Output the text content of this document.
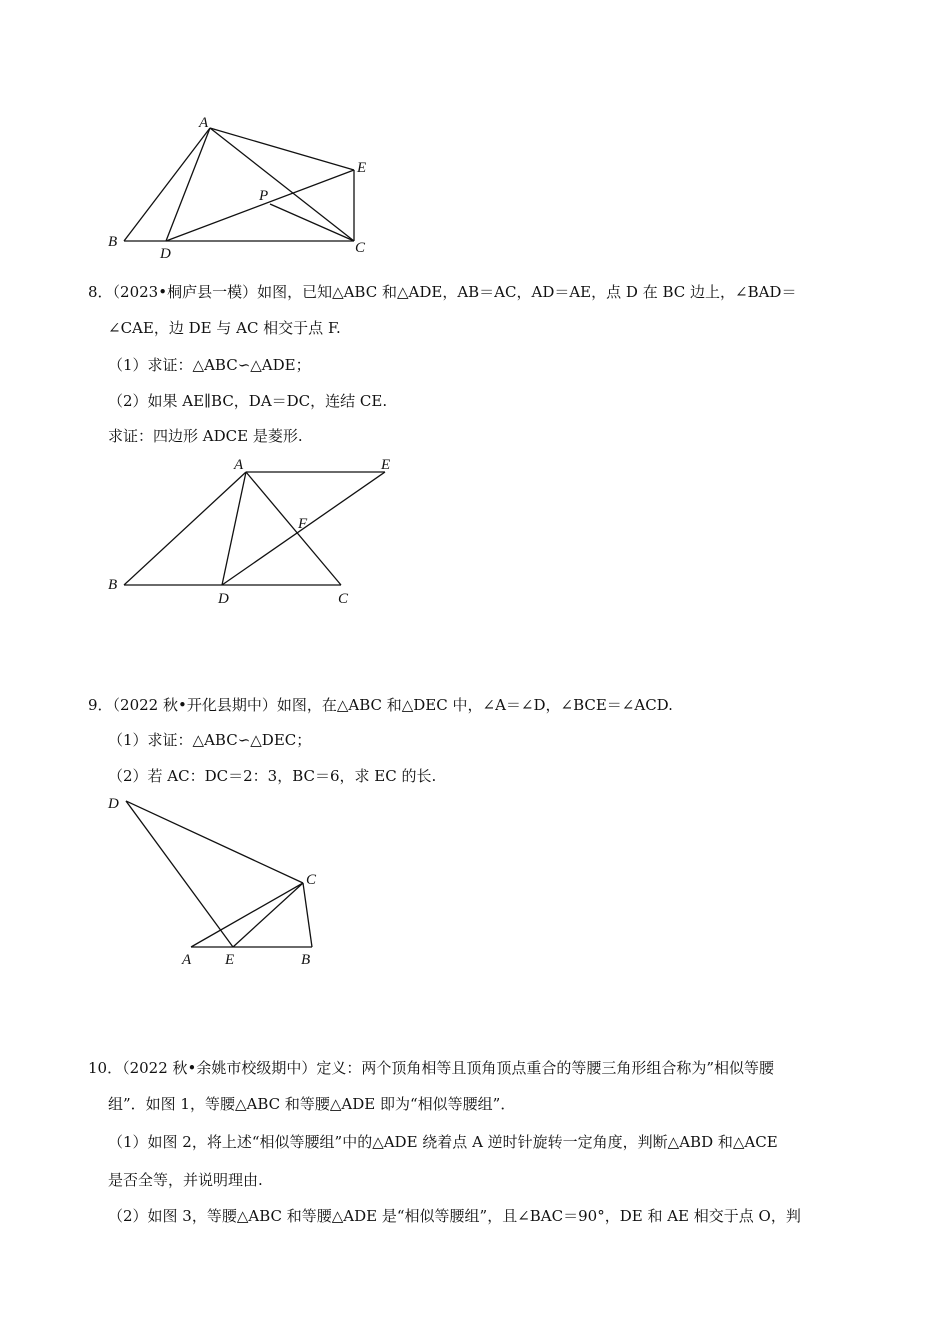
A
B	C
D
E
P
8．（2023•桐庐县一模）如图，已知△ABC 和△ADE，AB＝AC，AD＝AE，点 D 在 BC 边上，∠BAD＝
∠CAE，边 DE 与 AC 相交于点 F.
（1）求证：△ABC∽△ADE；
（2）如果 AE∥BC，DA＝DC，连结 CE.
求证：四边形 ADCE 是菱形.
A
B
C
D
E
F
9．（2022 秋•开化县期中）如图，在△ABC 和△DEC 中，∠A＝∠D，∠BCE＝∠ACD.
（1）求证：△ABC∽△DEC；
（2）若 AC：DC＝2：3，BC＝6，求 EC 的长.
D
C
A E	B
10．（2022 秋•余姚市校级期中）定义：两个顶角相等且顶角顶点重合的等腰三角形组合称为”相似等腰
组”．如图 1，等腰△ABC 和等腰△ADE 即为“相似等腰组”．
（1）如图 2，将上述“相似等腰组”中的△ADE 绕着点 A 逆时针旋转一定角度，判断△ABD 和△ACE
是否全等，并说明理由.
（2）如图 3，等腰△ABC 和等腰△ADE 是“相似等腰组”，且∠BAC＝90°，DE 和 AE 相交于点 O，判
